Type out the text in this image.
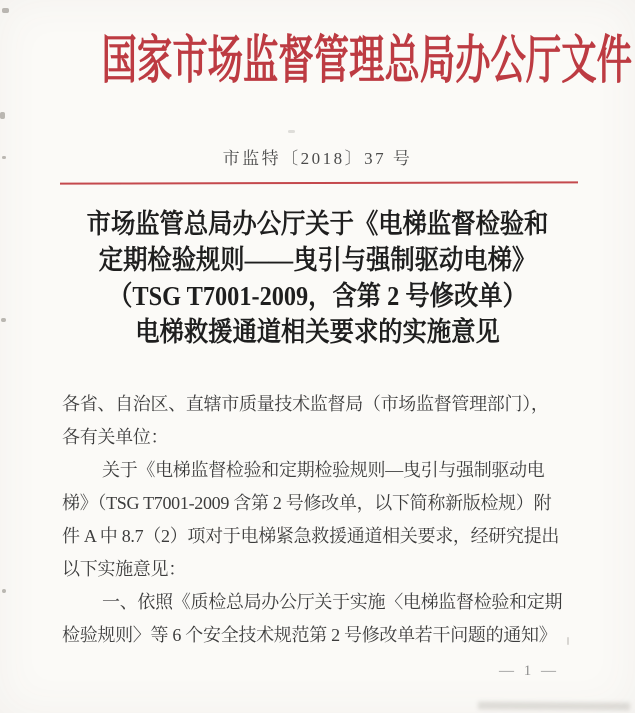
国家市场监督管理总局办公厅文件
市监特〔2018〕37 号
市场监管总局办公厅关于《电梯监督检验和
定期检验规则——曳引与强制驱动电梯》
（TSG T7001-2009，含第 2 号修改单）
电梯救援通道相关要求的实施意见
各省、自治区、直辖市质量技术监督局（市场监督管理部门），
各有关单位：
关于《电梯监督检验和定期检验规则—曳引与强制驱动电
梯》（TSG T7001-2009 含第 2 号修改单，以下简称新版检规）附
件 A 中 8.7（2）项对于电梯紧急救援通道相关要求，经研究提出
以下实施意见：
一、依照《质检总局办公厅关于实施〈电梯监督检验和定期
检验规则〉等 6 个安全技术规范第 2 号修改单若干问题的通知》
— 1 —
